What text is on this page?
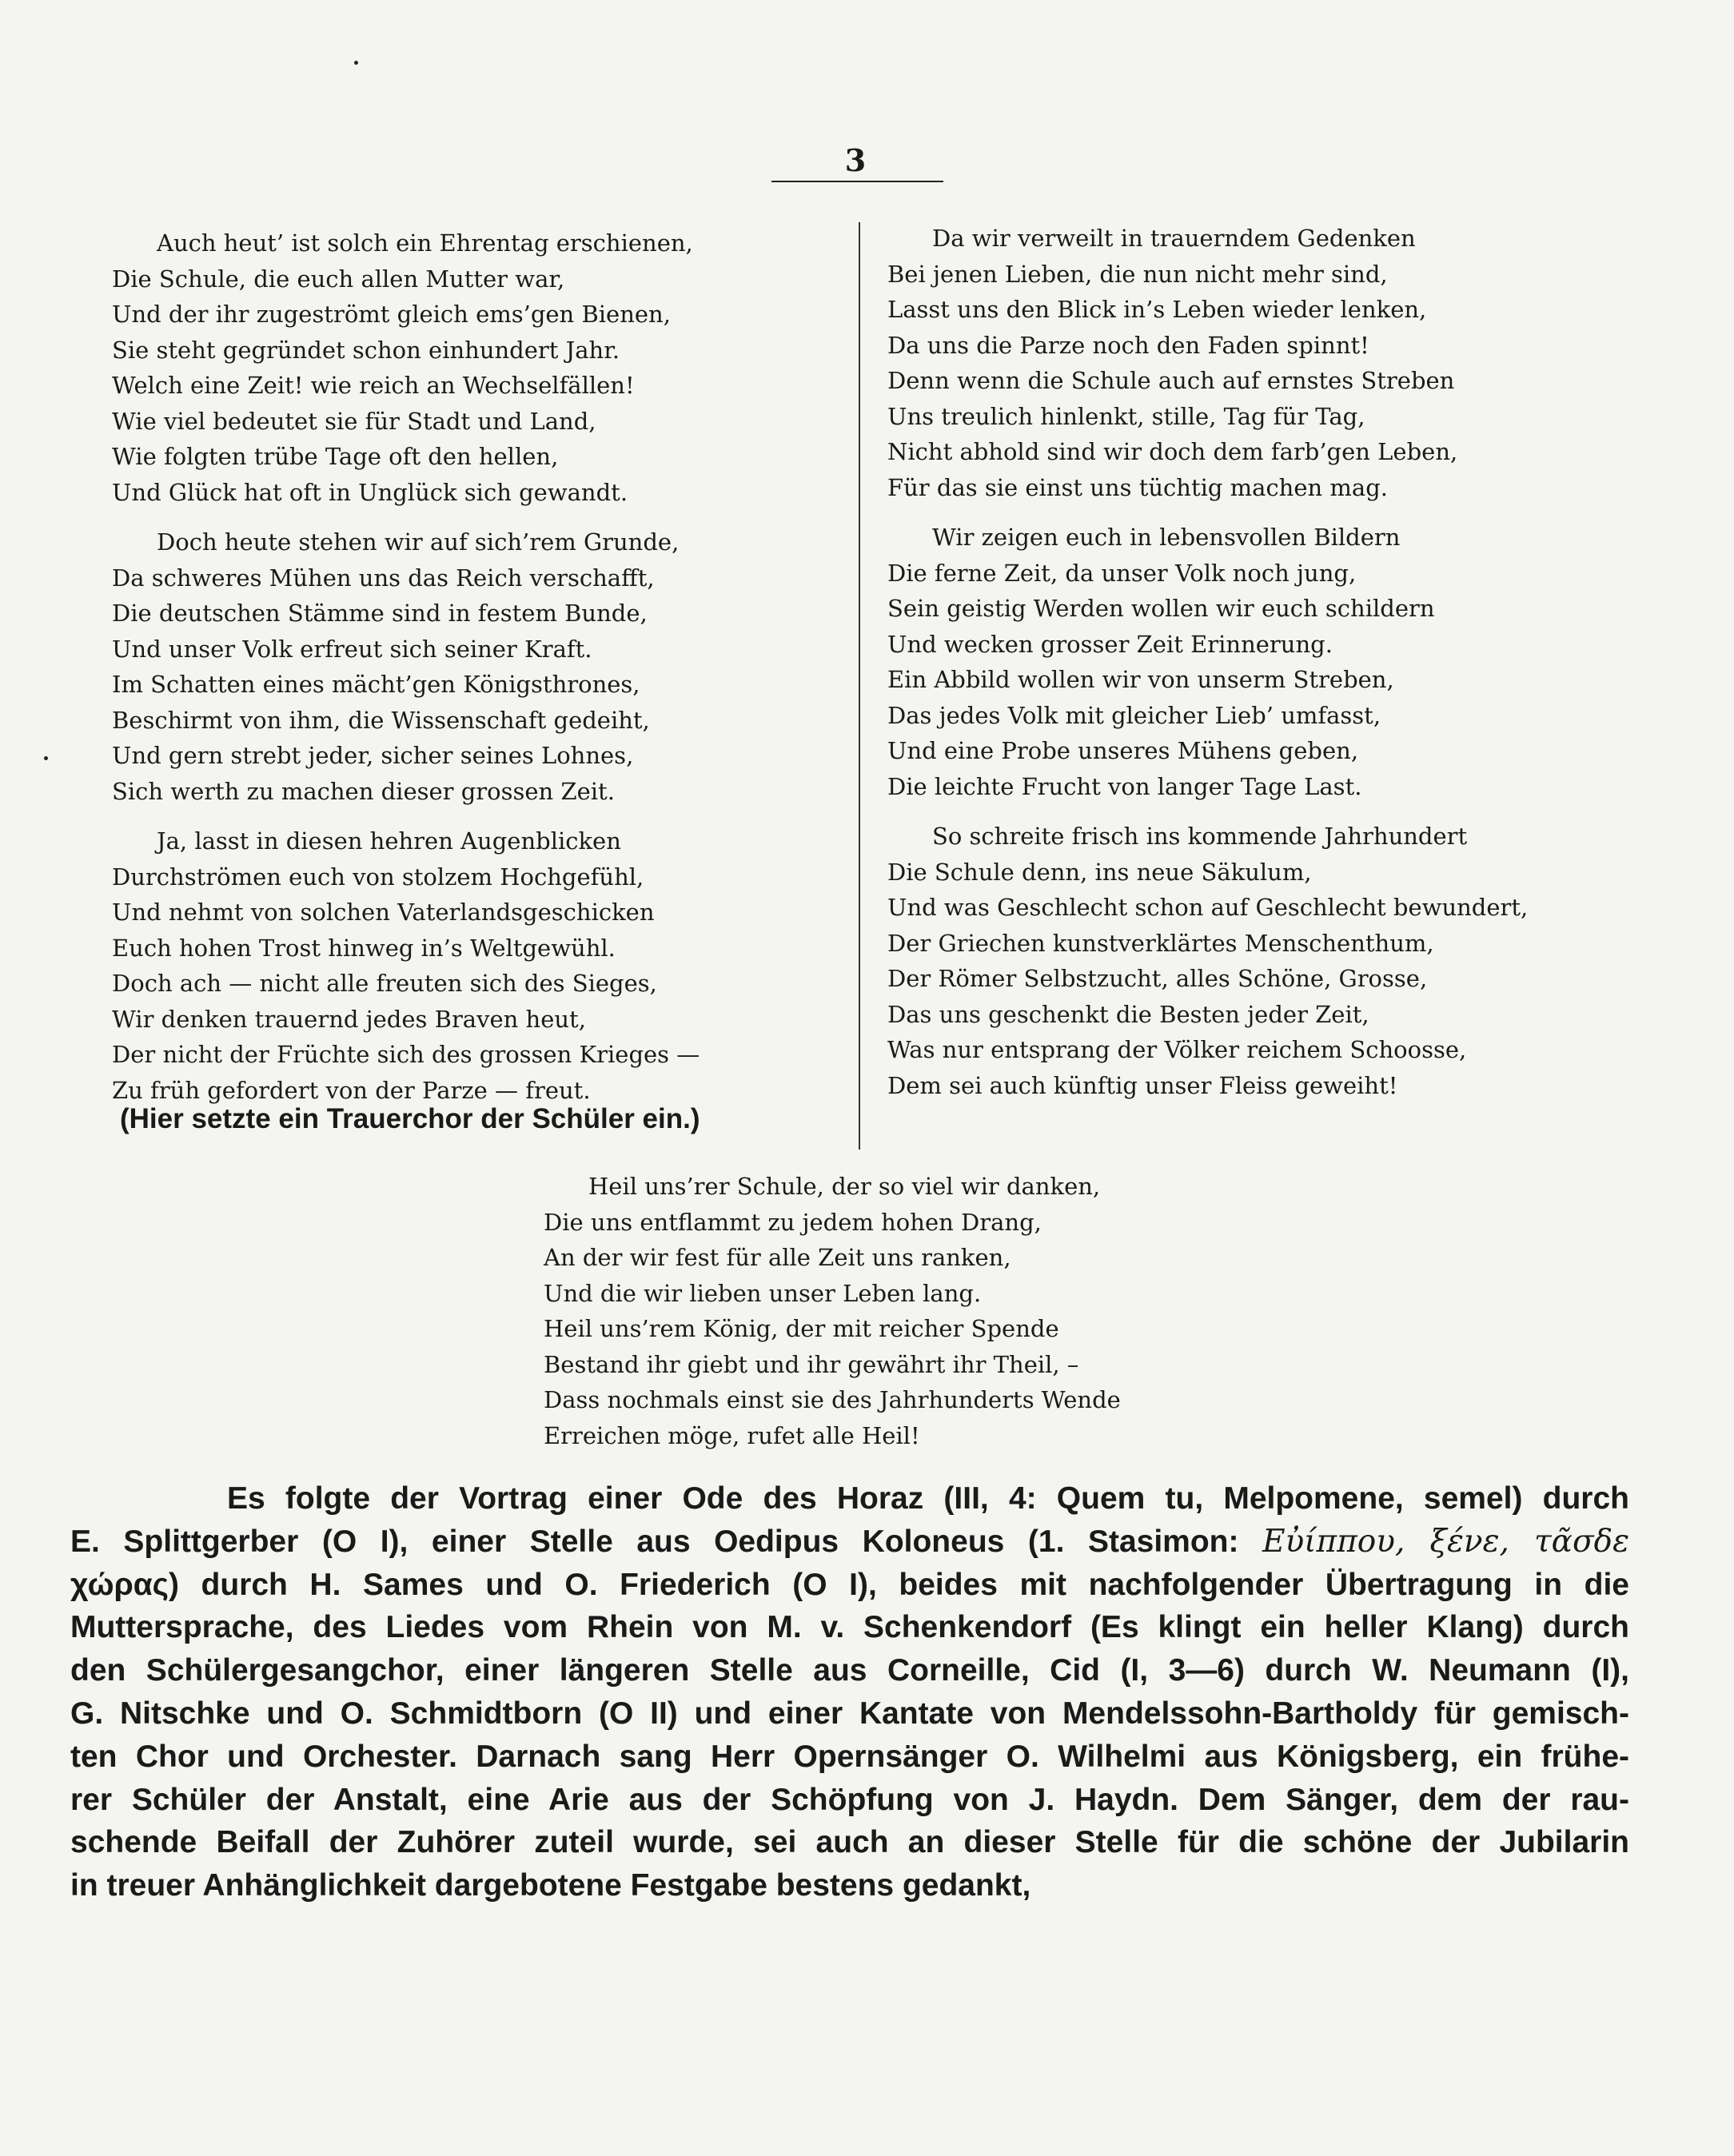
3
Auch heut’ ist solch ein Ehrentag erschienen,
Die Schule, die euch allen Mutter war,
Und der ihr zugeströmt gleich ems’gen Bienen,
Sie steht gegründet schon einhundert Jahr.
Welch eine Zeit! wie reich an Wechselfällen!
Wie viel bedeutet sie für Stadt und Land,
Wie folgten trübe Tage oft den hellen,
Und Glück hat oft in Unglück sich gewandt.
Doch heute stehen wir auf sich’rem Grunde,
Da schweres Mühen uns das Reich verschafft,
Die deutschen Stämme sind in festem Bunde,
Und unser Volk erfreut sich seiner Kraft.
Im Schatten eines mächt’gen Königsthrones,
Beschirmt von ihm, die Wissenschaft gedeiht,
Und gern strebt jeder, sicher seines Lohnes,
Sich werth zu machen dieser grossen Zeit.
Ja, lasst in diesen hehren Augenblicken
Durchströmen euch von stolzem Hochgefühl,
Und nehmt von solchen Vaterlandsgeschicken
Euch hohen Trost hinweg in’s Weltgewühl.
Doch ach — nicht alle freuten sich des Sieges,
Wir denken trauernd jedes Braven heut,
Der nicht der Früchte sich des grossen Krieges —
Zu früh gefordert von der Parze — freut.
Da wir verweilt in trauerndem Gedenken
Bei jenen Lieben, die nun nicht mehr sind,
Lasst uns den Blick in’s Leben wieder lenken,
Da uns die Parze noch den Faden spinnt!
Denn wenn die Schule auch auf ernstes Streben
Uns treulich hinlenkt, stille, Tag für Tag,
Nicht abhold sind wir doch dem farb’gen Leben,
Für das sie einst uns tüchtig machen mag.
Wir zeigen euch in lebensvollen Bildern
Die ferne Zeit, da unser Volk noch jung,
Sein geistig Werden wollen wir euch schildern
Und wecken grosser Zeit Erinnerung.
Ein Abbild wollen wir von unserm Streben,
Das jedes Volk mit gleicher Lieb’ umfasst,
Und eine Probe unseres Mühens geben,
Die leichte Frucht von langer Tage Last.
So schreite frisch ins kommende Jahrhundert
Die Schule denn, ins neue Säkulum,
Und was Geschlecht schon auf Geschlecht bewundert,
Der Griechen kunstverklärtes Menschenthum,
Der Römer Selbstzucht, alles Schöne, Grosse,
Das uns geschenkt die Besten jeder Zeit,
Was nur entsprang der Völker reichem Schoosse,
Dem sei auch künftig unser Fleiss geweiht!
(Hier setzte ein Trauerchor der Schüler ein.)
Heil uns’rer Schule, der so viel wir danken,
Die uns entflammt zu jedem hohen Drang,
An der wir fest für alle Zeit uns ranken,
Und die wir lieben unser Leben lang.
Heil uns’rem König, der mit reicher Spende
Bestand ihr giebt und ihr gewährt ihr Theil, –
Dass nochmals einst sie des Jahrhunderts Wende
Erreichen möge, rufet alle Heil!
Es folgte der Vortrag einer Ode des Horaz (III, 4: Quem tu, Melpomene, semel) durch
E. Splittgerber (O I), einer Stelle aus Oedipus Koloneus (1. Stasimon: Εὐίππου, ξένε, τᾶσδε
χώρας) durch H. Sames und O. Friederich (O I), beides mit nachfolgender Übertragung in die
Muttersprache, des Liedes vom Rhein von M. v. Schenkendorf (Es klingt ein heller Klang) durch
den Schülergesangchor, einer längeren Stelle aus Corneille, Cid (I, 3—6) durch W. Neumann (I),
G. Nitschke und O. Schmidtborn (O II) und einer Kantate von Mendelssohn-Bartholdy für gemisch-
ten Chor und Orchester. Darnach sang Herr Opernsänger O. Wilhelmi aus Königsberg, ein frühe-
rer Schüler der Anstalt, eine Arie aus der Schöpfung von J. Haydn. Dem Sänger, dem der rau-
schende Beifall der Zuhörer zuteil wurde, sei auch an dieser Stelle für die schöne der Jubilarin
in treuer Anhänglichkeit dargebotene Festgabe bestens gedankt,
